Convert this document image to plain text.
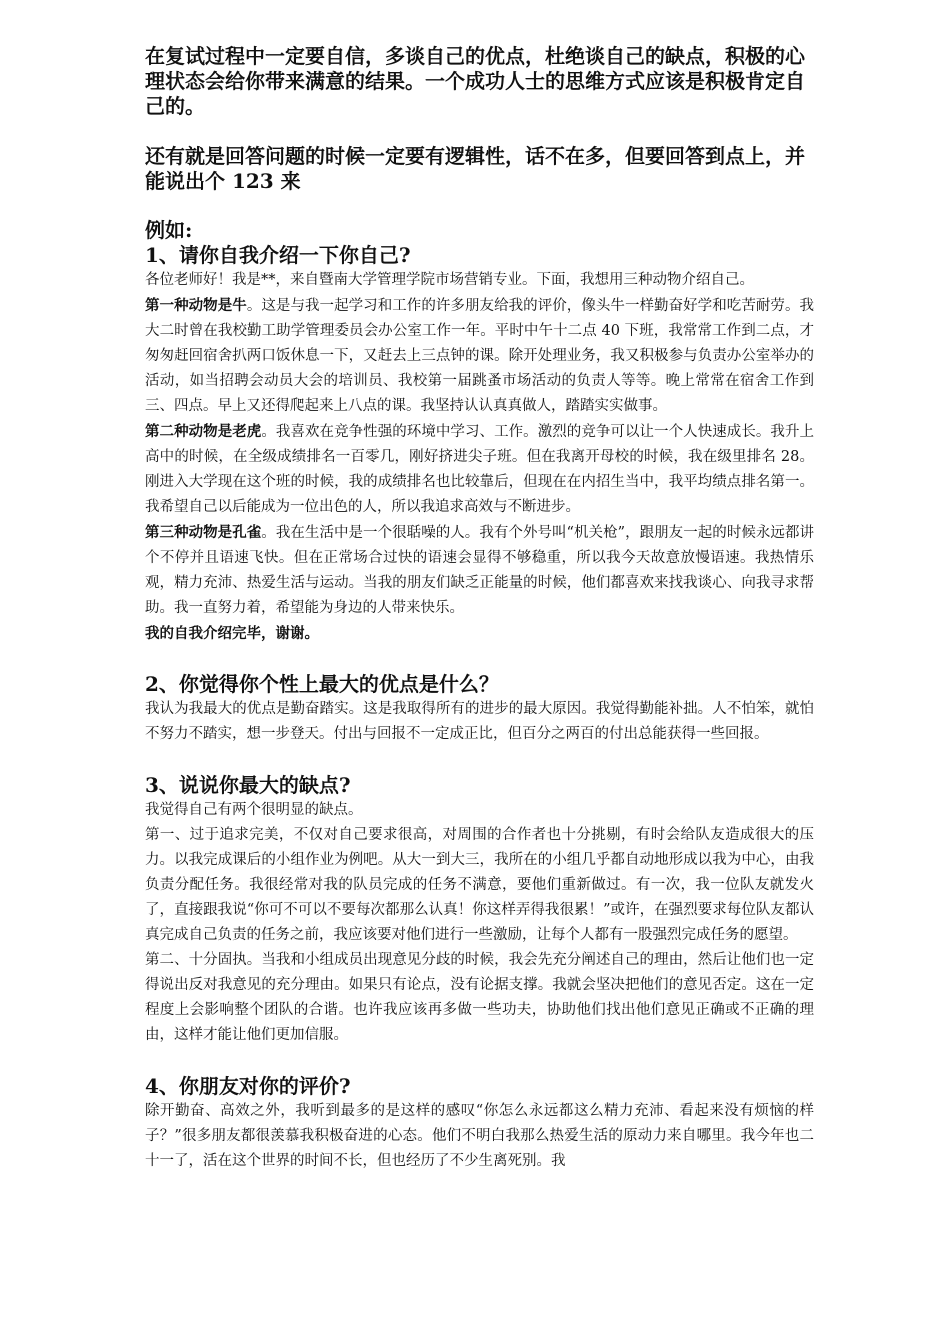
在复试过程中一定要自信，多谈自己的优点，杜绝谈自己的缺点，积极的心理状态会给你带来满意的结果。一个成功人士的思维方式应该是积极肯定自己的。

还有就是回答问题的时候一定要有逻辑性，话不在多，但要回答到点上，并能说出个 123 来

例如:

1、请你自我介绍一下你自己?

各位老师好！我是**，来自暨南大学管理学院市场营销专业。下面，我想用三种动物介绍自己。

第一种动物是牛。这是与我一起学习和工作的许多朋友给我的评价，像头牛一样勤奋好学和吃苦耐劳。我大二时曾在我校勤工助学管理委员会办公室工作一年。平时中午十二点 40 下班，我常常工作到二点，才匆匆赶回宿舍扒两口饭休息一下，又赶去上三点钟的课。除开处理业务，我又积极参与负责办公室举办的活动，如当招聘会动员大会的培训员、我校第一届跳蚤市场活动的负责人等等。晚上常常在宿舍工作到三、四点。早上又还得爬起来上八点的课。我坚持认认真真做人，踏踏实实做事。

第二种动物是老虎。我喜欢在竞争性强的环境中学习、工作。激烈的竞争可以让一个人快速成长。我升上高中的时候，在全级成绩排名一百零几，刚好挤进尖子班。但在我离开母校的时候，我在级里排名 28。刚进入大学现在这个班的时候，我的成绩排名也比较靠后，但现在在内招生当中，我平均绩点排名第一。我希望自己以后能成为一位出色的人，所以我追求高效与不断进步。

第三种动物是孔雀。我在生活中是一个很聒噪的人。我有个外号叫“机关枪”，跟朋友一起的时候永远都讲个不停并且语速飞快。但在正常场合过快的语速会显得不够稳重，所以我今天故意放慢语速。我热情乐观，精力充沛、热爱生活与运动。当我的朋友们缺乏正能量的时候，他们都喜欢来找我谈心、向我寻求帮助。我一直努力着，希望能为身边的人带来快乐。

我的自我介绍完毕，谢谢。

2、你觉得你个性上最大的优点是什么？

我认为我最大的优点是勤奋踏实。这是我取得所有的进步的最大原因。我觉得勤能补拙。人不怕笨，就怕不努力不踏实，想一步登天。付出与回报不一定成正比，但百分之两百的付出总能获得一些回报。

3、说说你最大的缺点?

我觉得自己有两个很明显的缺点。

第一、过于追求完美，不仅对自己要求很高，对周围的合作者也十分挑剔，有时会给队友造成很大的压力。以我完成课后的小组作业为例吧。从大一到大三，我所在的小组几乎都自动地形成以我为中心，由我负责分配任务。我很经常对我的队员完成的任务不满意，要他们重新做过。有一次，我一位队友就发火了，直接跟我说“你可不可以不要每次都那么认真！你这样弄得我很累！”或许，在强烈要求每位队友都认真完成自己负责的任务之前，我应该要对他们进行一些激励，让每个人都有一股强烈完成任务的愿望。

第二、十分固执。当我和小组成员出现意见分歧的时候，我会先充分阐述自己的理由，然后让他们也一定得说出反对我意见的充分理由。如果只有论点，没有论据支撑。我就会坚决把他们的意见否定。这在一定程度上会影响整个团队的合谐。也许我应该再多做一些功夫，协助他们找出他们意见正确或不正确的理由，这样才能让他们更加信服。

4、你朋友对你的评价?

除开勤奋、高效之外，我听到最多的是这样的感叹“你怎么永远都这么精力充沛、看起来没有烦恼的样子？”很多朋友都很羡慕我积极奋进的心态。他们不明白我那么热爱生活的原动力来自哪里。我今年也二十一了，活在这个世界的时间不长，但也经历了不少生离死别。我
